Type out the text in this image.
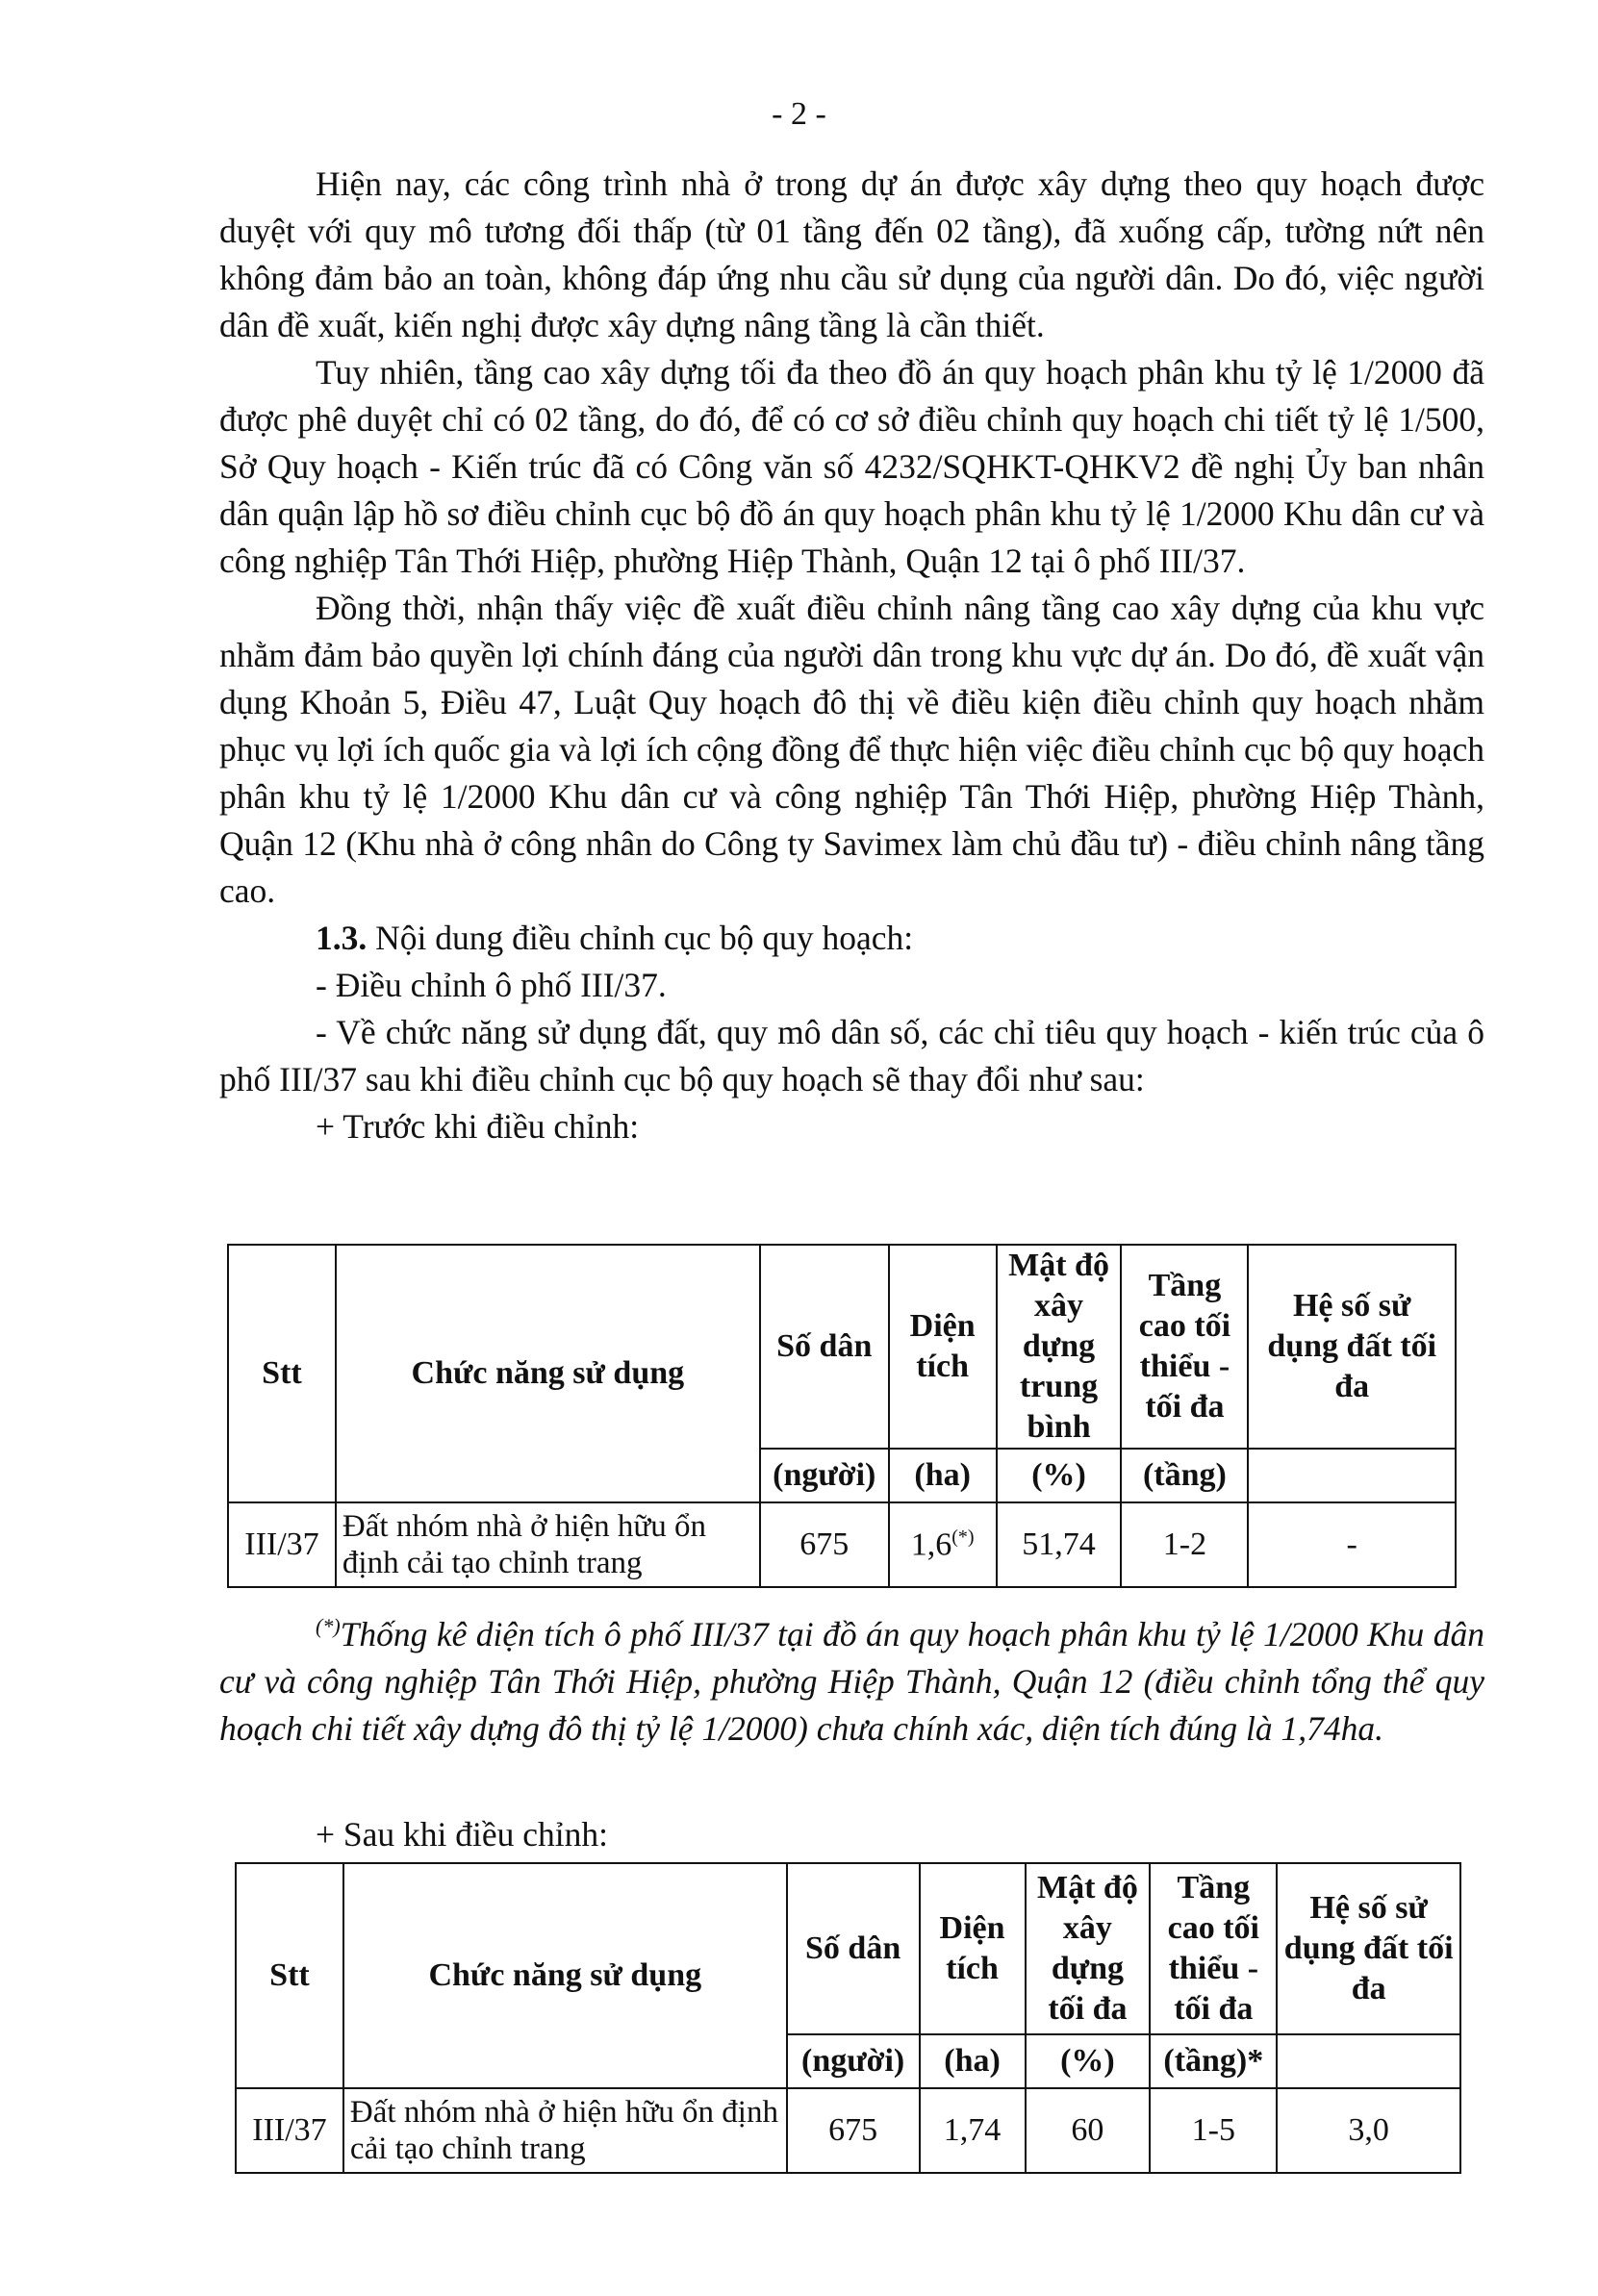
- 2 -

Hiện nay, các công trình nhà ở trong dự án được xây dựng theo quy hoạch được duyệt với quy mô tương đối thấp (từ 01 tầng đến 02 tầng), đã xuống cấp, tường nứt nên không đảm bảo an toàn, không đáp ứng nhu cầu sử dụng của người dân. Do đó, việc người dân đề xuất, kiến nghị được xây dựng nâng tầng là cần thiết.

Tuy nhiên, tầng cao xây dựng tối đa theo đồ án quy hoạch phân khu tỷ lệ 1/2000 đã được phê duyệt chỉ có 02 tầng, do đó, để có cơ sở điều chỉnh quy hoạch chi tiết tỷ lệ 1/500, Sở Quy hoạch - Kiến trúc đã có Công văn số 4232/SQHKT-QHKV2 đề nghị Ủy ban nhân dân quận lập hồ sơ điều chỉnh cục bộ đồ án quy hoạch phân khu tỷ lệ 1/2000 Khu dân cư và công nghiệp Tân Thới Hiệp, phường Hiệp Thành, Quận 12 tại ô phố III/37.

Đồng thời, nhận thấy việc đề xuất điều chỉnh nâng tầng cao xây dựng của khu vực nhằm đảm bảo quyền lợi chính đáng của người dân trong khu vực dự án. Do đó, đề xuất vận dụng Khoản 5, Điều 47, Luật Quy hoạch đô thị về điều kiện điều chỉnh quy hoạch nhằm phục vụ lợi ích quốc gia và lợi ích cộng đồng để thực hiện việc điều chỉnh cục bộ quy hoạch phân khu tỷ lệ 1/2000 Khu dân cư và công nghiệp Tân Thới Hiệp, phường Hiệp Thành, Quận 12 (Khu nhà ở công nhân do Công ty Savimex làm chủ đầu tư) - điều chỉnh nâng tầng cao.

1.3. Nội dung điều chỉnh cục bộ quy hoạch:

- Điều chỉnh ô phố III/37.

- Về chức năng sử dụng đất, quy mô dân số, các chỉ tiêu quy hoạch - kiến trúc của ô phố III/37 sau khi điều chỉnh cục bộ quy hoạch sẽ thay đổi như sau:

+ Trước khi điều chỉnh:

Stt	Chức năng sử dụng	Số dân	Diện tích	Mật độ xây dựng trung bình	Tầng cao tối thiểu - tối đa	Hệ số sử dụng đất tối đa
		(người)	(ha)	(%)	(tầng)	
III/37	Đất nhóm nhà ở hiện hữu ổn định cải tạo chỉnh trang	675	1,6(*)	51,74	1-2	-

(*)Thống kê diện tích ô phố III/37 tại đồ án quy hoạch phân khu tỷ lệ 1/2000 Khu dân cư và công nghiệp Tân Thới Hiệp, phường Hiệp Thành, Quận 12 (điều chỉnh tổng thể quy hoạch chi tiết xây dựng đô thị tỷ lệ 1/2000) chưa chính xác, diện tích đúng là 1,74ha.

+ Sau khi điều chỉnh:

Stt	Chức năng sử dụng	Số dân	Diện tích	Mật độ xây dựng tối đa	Tầng cao tối thiểu - tối đa	Hệ số sử dụng đất tối đa
		(người)	(ha)	(%)	(tầng)*	
III/37	Đất nhóm nhà ở hiện hữu ổn định cải tạo chỉnh trang	675	1,74	60	1-5	3,0
